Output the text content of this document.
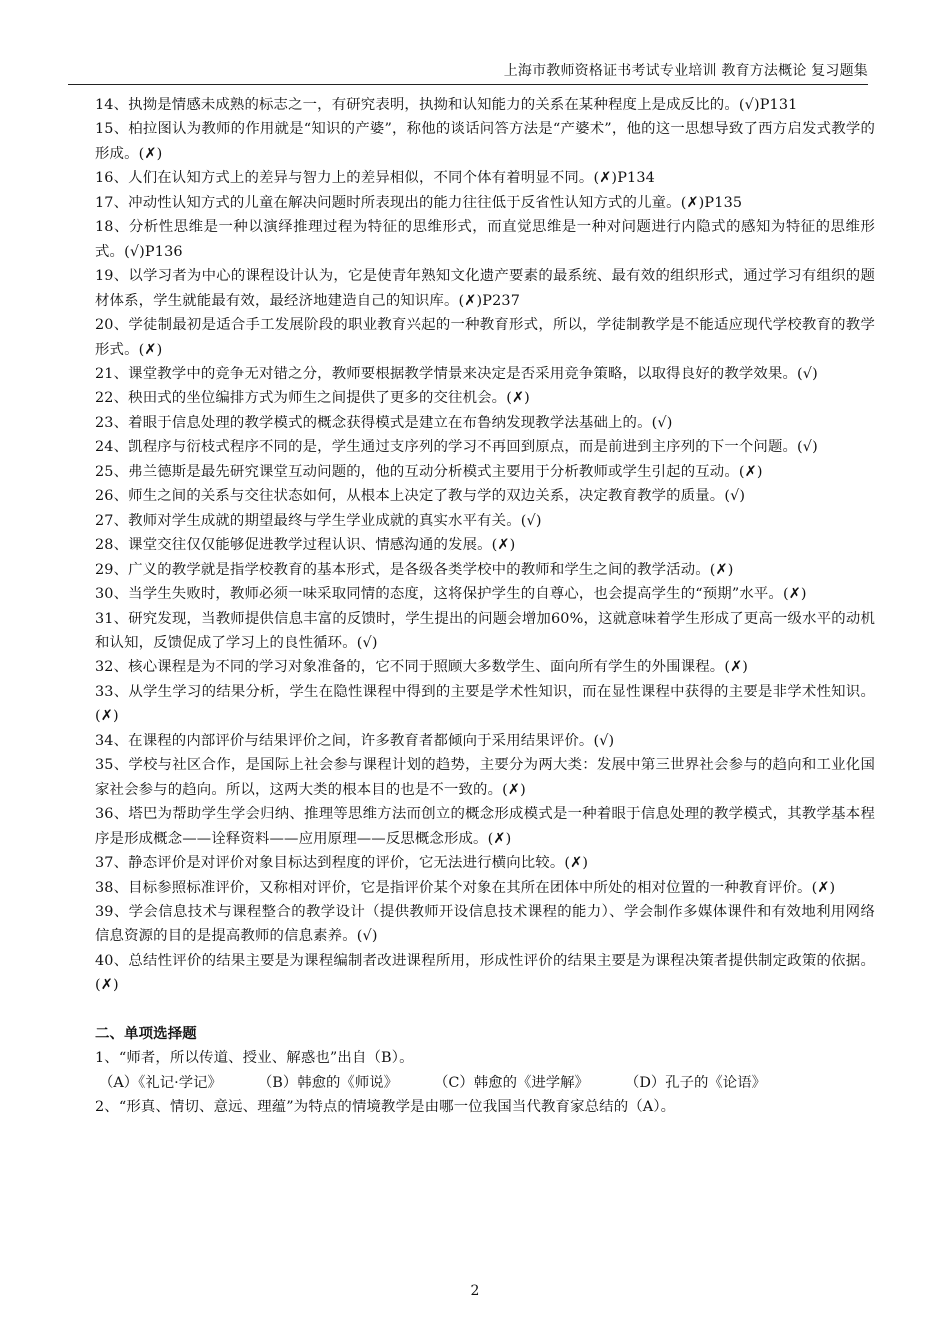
上海市教师资格证书考试专业培训 教育方法概论 复习题集

14、执拗是情感未成熟的标志之一，有研究表明，执拗和认知能力的关系在某种程度上是成反比的。(√)P131

15、柏拉图认为教师的作用就是“知识的产婆”，称他的谈话问答方法是“产婆术”，他的这一思想导致了西方启发式教学的形成。(✗)

16、人们在认知方式上的差异与智力上的差异相似，不同个体有着明显不同。(✗)P134

17、冲动性认知方式的儿童在解决问题时所表现出的能力往往低于反省性认知方式的儿童。(✗)P135

18、分析性思维是一种以演绎推理过程为特征的思维形式，而直觉思维是一种对问题进行内隐式的感知为特征的思维形式。(√)P136

19、以学习者为中心的课程设计认为，它是使青年熟知文化遗产要素的最系统、最有效的组织形式，通过学习有组织的题材体系，学生就能最有效，最经济地建造自己的知识库。(✗)P237

20、学徒制最初是适合手工发展阶段的职业教育兴起的一种教育形式，所以，学徒制教学是不能适应现代学校教育的教学形式。(✗)

21、课堂教学中的竞争无对错之分，教师要根据教学情景来决定是否采用竞争策略，以取得良好的教学效果。(√)

22、秧田式的坐位编排方式为师生之间提供了更多的交往机会。(✗)

23、着眼于信息处理的教学模式的概念获得模式是建立在布鲁纳发现教学法基础上的。(√)

24、凯程序与衍枝式程序不同的是，学生通过支序列的学习不再回到原点，而是前进到主序列的下一个问题。(√)

25、弗兰德斯是最先研究课堂互动问题的，他的互动分析模式主要用于分析教师或学生引起的互动。(✗)

26、师生之间的关系与交往状态如何，从根本上决定了教与学的双边关系，决定教育教学的质量。(√)

27、教师对学生成就的期望最终与学生学业成就的真实水平有关。(√)

28、课堂交往仅仅能够促进教学过程认识、情感沟通的发展。(✗)

29、广义的教学就是指学校教育的基本形式，是各级各类学校中的教师和学生之间的教学活动。(✗)

30、当学生失败时，教师必须一味采取同情的态度，这将保护学生的自尊心，也会提高学生的“预期”水平。(✗)

31、研究发现，当教师提供信息丰富的反馈时，学生提出的问题会增加60%，这就意味着学生形成了更高一级水平的动机和认知，反馈促成了学习上的良性循环。(√)

32、核心课程是为不同的学习对象准备的，它不同于照顾大多数学生、面向所有学生的外围课程。(✗)

33、从学生学习的结果分析，学生在隐性课程中得到的主要是学术性知识，而在显性课程中获得的主要是非学术性知识。(✗)

34、在课程的内部评价与结果评价之间，许多教育者都倾向于采用结果评价。(√)

35、学校与社区合作，是国际上社会参与课程计划的趋势，主要分为两大类：发展中第三世界社会参与的趋向和工业化国家社会参与的趋向。所以，这两大类的根本目的也是不一致的。(✗)

36、塔巴为帮助学生学会归纳、推理等思维方法而创立的概念形成模式是一种着眼于信息处理的教学模式，其教学基本程序是形成概念——诠释资料——应用原理——反思概念形成。(✗)

37、静态评价是对评价对象目标达到程度的评价，它无法进行横向比较。(✗)

38、目标参照标准评价，又称相对评价，它是指评价某个对象在其所在团体中所处的相对位置的一种教育评价。(✗)

39、学会信息技术与课程整合的教学设计（提供教师开设信息技术课程的能力）、学会制作多媒体课件和有效地利用网络信息资源的目的是提高教师的信息素养。(√)

40、总结性评价的结果主要是为课程编制者改进课程所用，形成性评价的结果主要是为课程决策者提供制定政策的依据。(✗)

二、单项选择题

1、“师者，所以传道、授业、解惑也”出自（B）。

（A）《礼记·学记》	（B）韩愈的《师说》	（C）韩愈的《进学解》	（D）孔子的《论语》

2、“形真、情切、意远、理蕴”为特点的情境教学是由哪一位我国当代教育家总结的（A）。

2
